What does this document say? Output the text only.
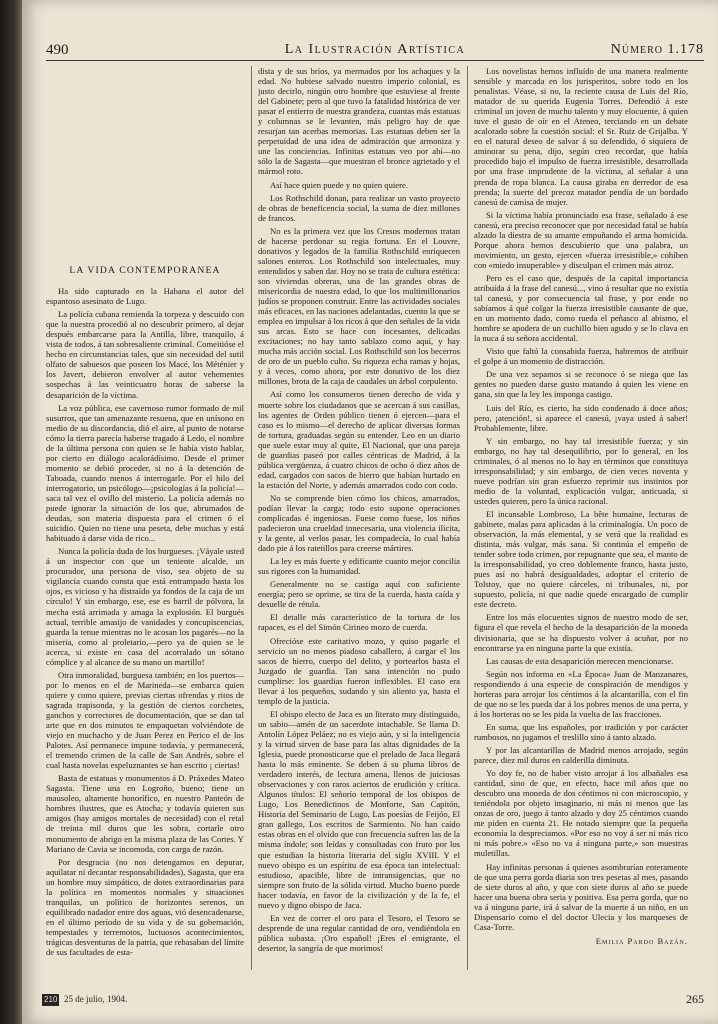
490	La Ilustración Artística	Número 1.178
LA VIDA CONTEMPORÁNEA

Ha sido capturado en la Habana el autor del espantoso asesinato de Lugo.

La policía cubana remienda la torpeza y descuido con que la nuestra procedió al no descubrir primero, al dejar después embarcarse para la Antilla, libre, tranquilo, á vista de todos, á tan sobresaliente criminal. Comeitióse el hecho en circunstancias tales, que sin necesidad del sutil olfato de sabuesos que poseen los Macé, los Méténier y los Javert, debieron envolver al autor vehementes sospechas á las veinticuatro horas de saberse la desaparición de la víctima.

La voz pública, ese cavernoso rumor formado de mil susurros, que tan amenazante resuena, que en unísono en medio de su discordancia, dió el aire, al punto de notarse cómo la tierra parecía haberse tragado á Ledo, el nombre de la última persona con quien se le había visto hablar, por cierto en diálogo acalorádísimo. Desde el primer momento se debió proceder, si no á la detención de Taboada, cuando menos á interrogarle. Por el hilo del interrogatorio, un psicólogo—¡psicologías á la policía!—saca tal vez el ovillo del misterio. La policía además no puede ignorar la situación de los que, abrumados de deudas, son materia dispuesta para el crimen ó el suicidio. Quien no tiene una peseta, debe muchas y está habituado á darse vida de rico...

Nunca la policía duda de los burgueses. ¡Váyale usted á un inspector con que un teniente alcalde, un procurador, una persona de viso, sea objeto de su vigilancia cuando consta que está entrampado hasta los ojos, es vicioso y ha distraído ya fondos de la caja de un círculo! Y sin embargo, ese, ese es barril de pólvora, la mecha está arrimada y amaga la explosión. El burgués actual, terrible amasijo de vanidades y concupiscencias, guarda la tenue mientras no le acosan los pagarés—no la miseria, como al proletario,—pero ya de quien se le acerca, si existe en casa del acorralado un sótano cómplice y al alcance de su mano un martillo!

Otra inmoralidad, burguesa también; en los puertos—por lo menos en el de Marineda—se embarca quien quiere y como quiere, previas ciertas ofrendas y ritos de sagrada trapisonda, y la gestión de ciertos corchetes, ganchos y correctores de documentación, que se dan tal arte que en dos minutos te empaquetan volviéndote de viejo en muchacho y de Juan Perez en Perico el de los Palotes. Así permanece impune todavía, y permanecerá, el tremendo crimen de la calle de San Andrés, sobre el cual hasta novelas espeluznantes se han escrito ¡ ciertas!

Basta de estatuas y monumentos á D. Práxedes Mateo Sagasta. Tiene una en Logroño, bueno; tiene un mausoleo, altamente honorífico, en nuestro Panteón de hombres ilustres, que es Atocha; y todavía quieren sus amigos (hay amigos mortales de necesidad) con el retal de treinta mil duros que les sobra, cortarle otro monumento de abrigo en la misma plaza de las Cortes. Y Mariano de Cavia se incomoda, con carga de razón.

Por desgracia (no nos detengamos en depurar, aquilatar ni decantar responsabilidades), Sagasta, que era un hombre muy simpático, de dotes extraordinarias para la política en momentos normales y situaciones tranquilas, un político de horizontes serenos, un equilibrado nadador entre dos aguas, vió desencadenarse, en el último período de su vida y de su gobernación, tempestades y terremotos, luctuosos acontecimientos, trágicas desventuras de la patria, que rebasaban del límite de sus facultades de esta-

dista y de sus bríos, ya mermados por los achaques y la edad. No hubiese salvado nuestro imperio colonial, es justo decirlo, ningún otro hombre que estuviese al frente del Gabinete; pero al que tuvo la fatalidad histórica de ver pasar el entierro de nuestra grandeza, cuantas más estatuas y columnas se le levanten, más peligro hay de que resurjan tan acerbas memorias. Las estatuas deben ser la perpetuidad de una idea de admiración que armoniza y une las conciencias. Infinitas estatuas veo por ahí—no sólo la de Sagasta—que muestran el bronce agrietado y el mármol roto.

Así hace quien puede y no quien quiere.

Los Rothschild donan, para realizar un vasto proyecto de obras de beneficencia social, la suma de diez millones de francos.

No es la primera vez que los Cresos modernos tratan de hacerse perdonar su regia fortuna. En el Louvre, donativos y legados de la familia Rothschild enriquecen salones enteros. Los Rothschild son intelectuales, muy entendidos y saben dar. Hoy no se trata de cultura estética: son viviendas obreras, una de las grandes obras de misericordia de nuestra edad, lo que los multimillonarios judíos se proponen construir. Entre las actividades sociales más eficaces, en las naciones adelantadas, cuento la que se emplea en impulsar á los ricos á que den señales de la vida sus arcas. Esto se hace con incesantes, delicadas excitaciones; no hay tanto sablazo como aquí, y hay mucha más acción social. Los Rothschild son los becerros de oro de un pueblo culto. Su riqueza echa ramas y hojas, y á veces, como ahora, por este donativo de los diez millones, brota de la caja de caudales un árbol corpulento.

Así como los consumeros tienen derecho de vida y muerte sobre los ciudadanos que se acercan á sus casillas, los agentes de Orden público tienen ó ejercen—para el caso es lo mismo—el derecho de aplicar diversas formas de tortura, graduadas según su entender. Leo en un diario que suele estar muy al quite, El Nacional, que una pareja de guardias paseó por calles céntricas de Madrid, á la pública vergüenza, á cuatro chicos de ocho ó diez años de edad, cargados con sacos de hierro que habían hurtado en la estación del Norte, y además amarrados codo con codo.

No se comprende bien cómo los chicos, amarrados, podían llevar la carga; todo esto supone operaciones complicadas é ingeniosas. Fuese como fuese, los niños padecieron una crueldad innecesaria, una violencia ilícita, y la gente, al verlos pasar, les compadecía, lo cual había dado pie á los ratetillos para creerse mártires.

La ley es más fuerte y edificante cuanto mejor concilia sus rigores con la humanidad.

Generalmente no se castiga aquí con suficiente energía; pero se oprime, se tira de la cuerda, hasta caída y desuelle de rétula.

El detalle más característico de la tortura de los rapaces, es el del Simón Cirineo mozo de cuerda.

Ofrecióse este caritativo mozo, y quiso pagarle el servicio un no menos piadoso caballero, á cargar el los sacos de hierro, cuerpo del delito, y portearlos hasta el Juzgado de guardia. Tan sana intención no pudo cumplirse: los guardias fueron inflexibles. El caso era llevar á los pequeños, sudando y sin aliento ya, hasta el templo de la justicia.

El obispo electo de Jaca es un literato muy distinguido, un sabio—amén de un sacerdote intachable. Se llama D. Antolín López Peláez; no es viejo aún, y si la inteligencia y la virtud sirven de base para las altas dignidades de la Iglesia, puede pronosticarse que el prelado de Jaca llegará hasta lo más eminente. Se deben á su pluma libros de verdadero interés, de lectura amena, llenos de juiciosas observaciones y con raros aciertos de erudición y crítica. Algunos títulos: El señorío temporal de los obispos de Lugo, Los Benedictinos de Monforte, San Capitón, Historia del Seminario de Lugo, Las poesías de Feijóo, El gran gallego, Los escritos de Sarmiento. No han caído estas obras en el olvido que con frecuencia sufren las de la misma índole; son leídas y consultadas con fruto por los que estudian la historia literaria del siglo XVIII. Y el nuevo obispo es un espíritu de esa época tan intelectual: estudioso, apacible, libre de intransigencias, que no siempre son fruto de la sólida virtud. Mucho bueno puede hacer todavía, en favor de la civilización y de la fe, el nuevo y digno obispo de Jaca.

En vez de correr el oro para el Tesoro, el Tesoro se desprende de una regular cantidad de oro, vendiéndola en pública subasta. ¡Oro español! ¡Eres el emigrante, el desertor, la sangría de que morimos!

Los novelistas hemos influído de una manera realmente sensible y marcada en los jurisperitos, sobre todo en los penalistas. Véase, si no, la reciente causa de Luis del Río, matador de su querida Eugenia Torres. Defendió á este criminal un joven de mucho talento y muy elocuente, á quien tuve el gusto de oír en el Ateneo, terciando en un debate acalorado sobre la cuestión social: el Sr. Ruiz de Grijalba. Y en el natural deseo de salvar á su defendido, ó siquiera de aminorar su pena, dijo, según creo recordar, que había procedido bajo el impulso de fuerza irresistible, desarrollada por una frase imprudente de la víctima, al señalar á una prenda de ropa blanca. La causa giraba en derredor de esa prenda; la suerte del precoz matador pendía de un bordado canesú de camisa de mujer.

Si la víctima había pronunciado esa frase, señalado á ese canesú, era preciso reconocer que por necesidad fatal se había alzado la diestra de su amante empuñando el arma homicida. Porque ahora hemos descubierto que una palabra, un movimiento, un gesto, ejercen «fuerza irresistible,» cohíben con «miedo insuperable» y disculpan el crimen más atroz.

Pero es el caso que, después de la capital importancia atribuída á la frase del canesú..., vino á resultar que no existía tal canesú, y por consecuencia tal frase, y por ende no sabíamos á qué colgar la fuerza irresistible causante de que, en un momento dado, como rueda el peñasco al abismo, el hombre se apodera de un cuchillo bien agudo y se lo clava en la nuca á su señora accidental.

Visto que faltó la consabida fuerza, habremos de atribuir el golpe á un momento de distracción.

De una vez sepamos si se reconoce ó se niega que las gentes no pueden darse gusto matando á quien les viene en gana, sin que la ley les imponga castigo.

Luis del Río, es cierto, ha sido condenado á doce años; pero, ¡atención!, si aparece el canesú, ¡vaya usted á saber! Probablemente, libre.

Y sin embargo, no hay tal irresistible fuerza; y sin embargo, no hay tal desequilibrio, por lo general, en los criminales, ó al menos no lo hay en términos que constituya irresponsabilidad; y sin embargo, de cien veces noventa y nueve podrían sin gran esfuerzo reprimir sus instintos por medio de la voluntad, explicación vulgar, anticuada, si ustedes quieren, pero la única racional.

El incansable Lombroso, La bête humaine, lecturas de gabinete, malas para aplicadas á la criminalogía. Un poco de observación, la más elemental, y se verá que la realidad es distinta, más vulgar, más sana. Si continúa el empeño de tender sobre todo crimen, por repugnante que sea, el manto de la irresponsabilidad, yo creo doblemente franco, hasta justo, pues así no habrá desigualdades, adoptar el criterio de Tolstoy, que no quiere cárceles, ni tribunales, ni, por supuesto, policía, ni que nadie quede encargado de cumplir este decreto.

Entre los más elocuentes signos de nuestro modo de ser, figura el que revela el hecho de la desaparición de la moneda divisionaria, que se ha dispuesto volver á acuñar, por no encontrarse ya en ninguna parte la que existía.

Las causas de esta desaparición merecen mencionarse.

Según nos informa en «La Época» Juan de Manzanares, respondiendo á una especie de conspiración de mendigos y horteras para arrojar los céntimos á la alcantarilla, con el fin de que no se les pueda dar á los pobres menos de una perra, y á los horteras no se les pida la vuelta de las fracciones.

En suma, que los españoles, por tradición y por carácter rumbosos, no jugamos el treslillo sino á tanto alzado.

Y por las alcantarillas de Madrid menos arrojado, según parece, diez mil duros en calderilla diminuta.

Yo doy fe, no de haber visto arrojar á los albañales esa cantidad, sino de que, en efecto, hace mil años que no descubro una moneda de dos céntimos ni con microscopio, y teniéndola por objeto imaginario, ni más ni menos que las onzas de oro, juego á tanto alzado y doy 25 céntimos cuando me piden en cuenta 21. He notado siempre que la pequeña economía la despreciamos. «Por eso no voy á ser ni más rico ni más pobre.» «Eso no va á ninguna parte,» son muestras muletillas.

Hay infinitas personas á quienes asombrarían enteramente de que una perra gorda diaria son tres pesetas al mes, pasando de siete duros al año, y que con siete duros al año se puede hacer una buena obra seria y positiva. Esa perra gorda, que no va á ninguna parte, irá á salvar de la muerte á un niño, en un Dispensario como el del doctor Ulecia y los marqueses de Casa-Torre.

Emilia Pardo Bazán.

210 25 de julio, 1904.	265
